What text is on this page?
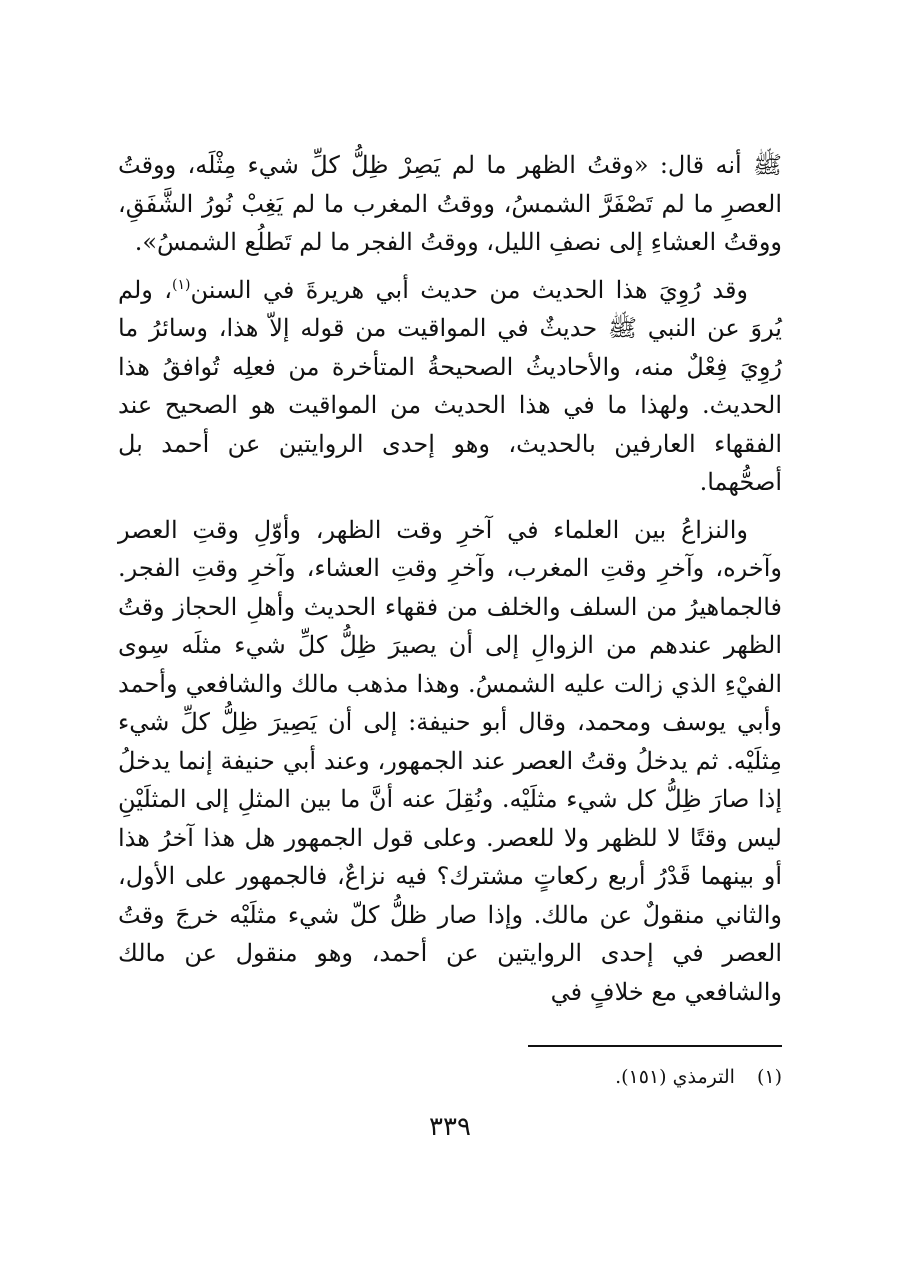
ﷺ أنه قال: «وقتُ الظهر ما لم يَصِرْ ظِلُّ كلِّ شيء مِثْلَه، ووقتُ العصرِ ما لم تَصْفَرَّ الشمسُ، ووقتُ المغرب ما لم يَغِبْ نُورُ الشَّفَقِ، ووقتُ العشاءِ إلى نصفِ الليل، ووقتُ الفجر ما لم تَطلُع الشمسُ».

وقد رُوِيَ هذا الحديث من حديث أبي هريرةَ في السنن$^{(١)}$، ولم يُروَ عن النبي ﷺ حديثٌ في المواقيت من قوله إلاّ هذا، وسائرُ ما رُوِيَ فِعْلٌ منه، والأحاديثُ الصحيحةُ المتأخرة من فعلِه تُوافقُ هذا الحديث. ولهذا ما في هذا الحديث من المواقيت هو الصحيح عند الفقهاء العارفين بالحديث، وهو إحدى الروايتين عن أحمد بل أصحُّهما.

والنزاعُ بين العلماء في آخرِ وقت الظهر، وأوّلِ وقتِ العصر وآخره، وآخرِ وقتِ المغرب، وآخرِ وقتِ العشاء، وآخرِ وقتِ الفجر. فالجماهيرُ من السلف والخلف من فقهاء الحديث وأهلِ الحجاز وقتُ الظهر عندهم من الزوالِ إلى أن يصيرَ ظِلُّ كلِّ شيء مثلَه سِوى الفيْءِ الذي زالت عليه الشمسُ. وهذا مذهب مالك والشافعي وأحمد وأبي يوسف ومحمد، وقال أبو حنيفة: إلى أن يَصِيرَ ظِلُّ كلِّ شيء مِثلَيْه. ثم يدخلُ وقتُ العصر عند الجمهور، وعند أبي حنيفة إنما يدخلُ إذا صارَ ظِلُّ كل شيء مثلَيْه. ونُقِلَ عنه أنَّ ما بين المثلِ إلى المثلَيْنِ ليس وقتًا لا للظهر ولا للعصر. وعلى قول الجمهور هل هذا آخرُ هذا أو بينهما قَدْرُ أربع ركعاتٍ مشترك؟ فيه نزاعٌ، فالجمهور على الأول، والثاني منقولٌ عن مالك. وإذا صار ظلُّ كلّ شيء مثلَيْه خرجَ وقتُ العصر في إحدى الروايتين عن أحمد، وهو منقول عن مالك والشافعي مع خلافٍ في

(١)الترمذي (١٥١).
٣٣٩
